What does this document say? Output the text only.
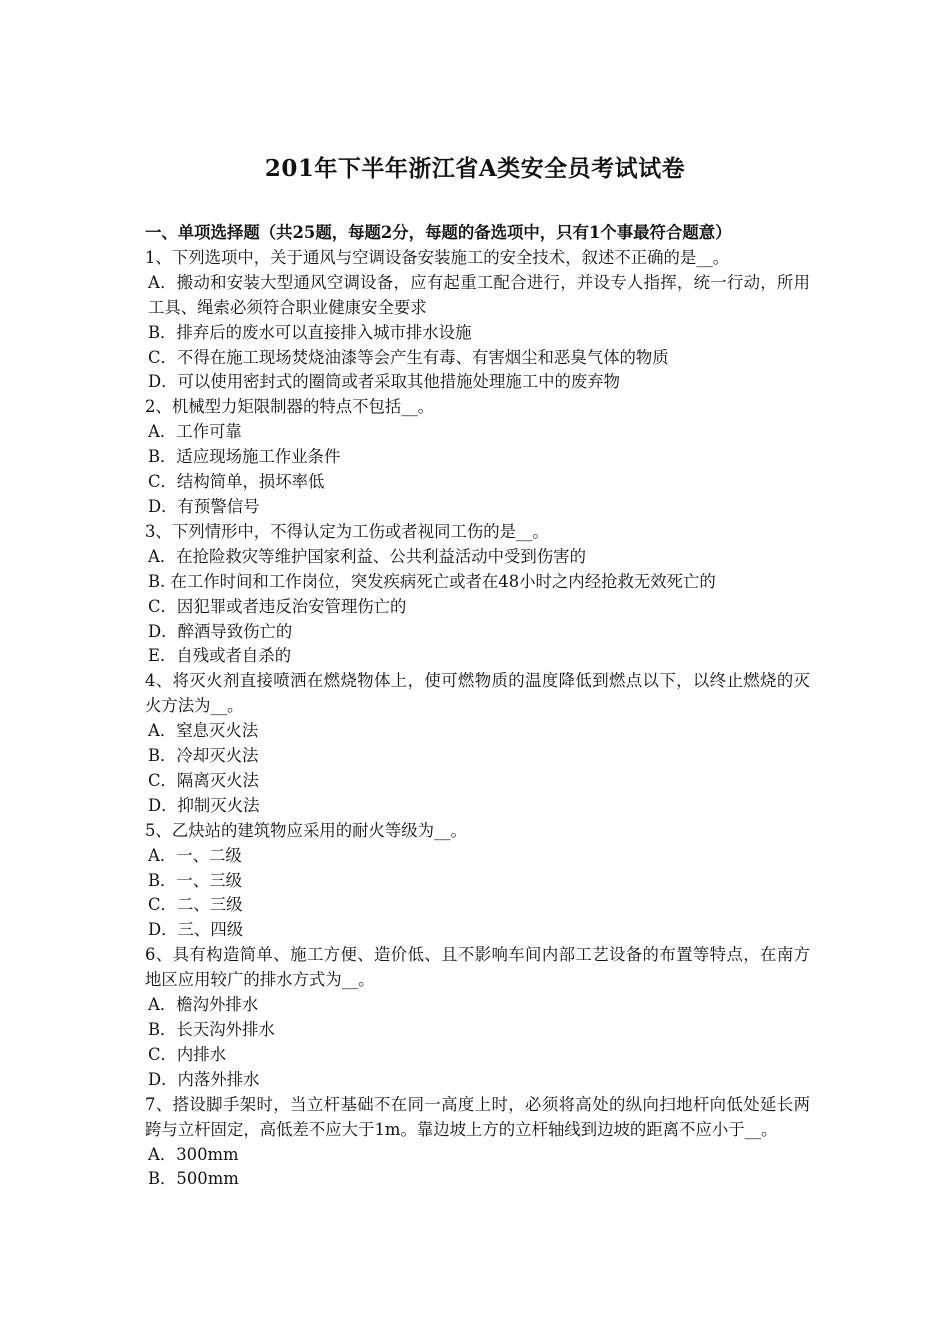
201年下半年浙江省A类安全员考试试卷
一、单项选择题（共25题，每题2分，每题的备选项中，只有1个事最符合题意）
1、下列选项中，关于通风与空调设备安装施工的安全技术，叙述不正确的是__。
A．搬动和安装大型通风空调设备，应有起重工配合进行，并设专人指挥，统一行动，所用工具、绳索必须符合职业健康安全要求
B．排弃后的废水可以直接排入城市排水设施
C．不得在施工现场焚烧油漆等会产生有毒、有害烟尘和恶臭气体的物质
D．可以使用密封式的圈筒或者采取其他措施处理施工中的废弃物
2、机械型力矩限制器的特点不包括__。
A．工作可靠
B．适应现场施工作业条件
C．结构简单，损坏率低
D．有预警信号
3、下列情形中，不得认定为工伤或者视同工伤的是__。
A．在抢险救灾等维护国家利益、公共利益活动中受到伤害的
B. 在工作时间和工作岗位，突发疾病死亡或者在48小时之内经抢救无效死亡的
C．因犯罪或者违反治安管理伤亡的
D．醉酒导致伤亡的
E．自残或者自杀的
4、将灭火剂直接喷洒在燃烧物体上，使可燃物质的温度降低到燃点以下，以终止燃烧的灭火方法为__。
A．窒息灭火法
B．冷却灭火法
C．隔离灭火法
D．抑制灭火法
5、乙炔站的建筑物应采用的耐火等级为__。
A．一、二级
B．一、三级
C．二、三级
D．三、四级
6、具有构造简单、施工方便、造价低、且不影响车间内部工艺设备的布置等特点，在南方地区应用较广的排水方式为__。
A．檐沟外排水
B．长天沟外排水
C．内排水
D．内落外排水
7、搭设脚手架时，当立杆基础不在同一高度上时，必须将高处的纵向扫地杆向低处延长两跨与立杆固定，高低差不应大于1m。靠边坡上方的立杆轴线到边坡的距离不应小于__。
A．300mm
B．500mm
